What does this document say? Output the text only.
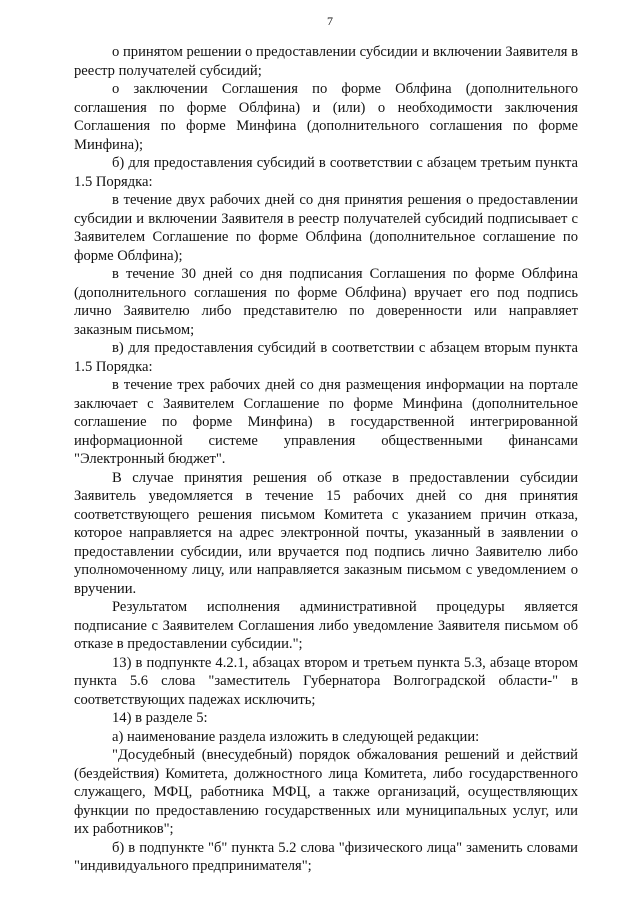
7

о принятом решении о предоставлении субсидии и включении Заявителя в реестр получателей субсидий;

о заключении Соглашения по форме Облфина (дополнительного соглашения по форме Облфина) и (или) о необходимости заключения Соглашения по форме Минфина (дополнительного соглашения по форме Минфина);

б) для предоставления субсидий в соответствии с абзацем третьим пункта 1.5 Порядка:

в течение двух рабочих дней со дня принятия решения о предоставлении субсидии и включении Заявителя в реестр получателей субсидий подписывает с Заявителем Соглашение по форме Облфина (дополнительное соглашение по форме Облфина);

в течение 30 дней со дня подписания Соглашения по форме Облфина (дополнительного соглашения по форме Облфина) вручает его под подпись лично Заявителю либо представителю по доверенности или направляет заказным письмом;

в) для предоставления субсидий в соответствии с абзацем вторым пункта 1.5 Порядка:

в течение трех рабочих дней со дня размещения информации на портале заключает с Заявителем Соглашение по форме Минфина (дополнительное соглашение по форме Минфина) в государственной интегрированной информационной системе управления общественными финансами "Электронный бюджет".

В случае принятия решения об отказе в предоставлении субсидии Заявитель уведомляется в течение 15 рабочих дней со дня принятия соответствующего решения письмом Комитета с указанием причин отказа, которое направляется на адрес электронной почты, указанный в заявлении о предоставлении субсидии, или вручается под подпись лично Заявителю либо уполномоченному лицу, или направляется заказным письмом с уведомлением о вручении.

Результатом исполнения административной процедуры является подписание с Заявителем Соглашения либо уведомление Заявителя письмом об отказе в предоставлении субсидии.";

13) в подпункте 4.2.1, абзацах втором и третьем пункта 5.3, абзаце втором пункта 5.6 слова "заместитель Губернатора Волгоградской области-" в соответствующих падежах исключить;

14) в разделе 5:

а) наименование раздела изложить в следующей редакции:

"Досудебный (внесудебный) порядок обжалования решений и действий (бездействия) Комитета, должностного лица Комитета, либо государственного служащего, МФЦ, работника МФЦ, а также организаций, осуществляющих функции по предоставлению государственных или муниципальных услуг, или их работников";

б) в подпункте "б" пункта 5.2 слова "физического лица" заменить словами "индивидуального предпринимателя";
